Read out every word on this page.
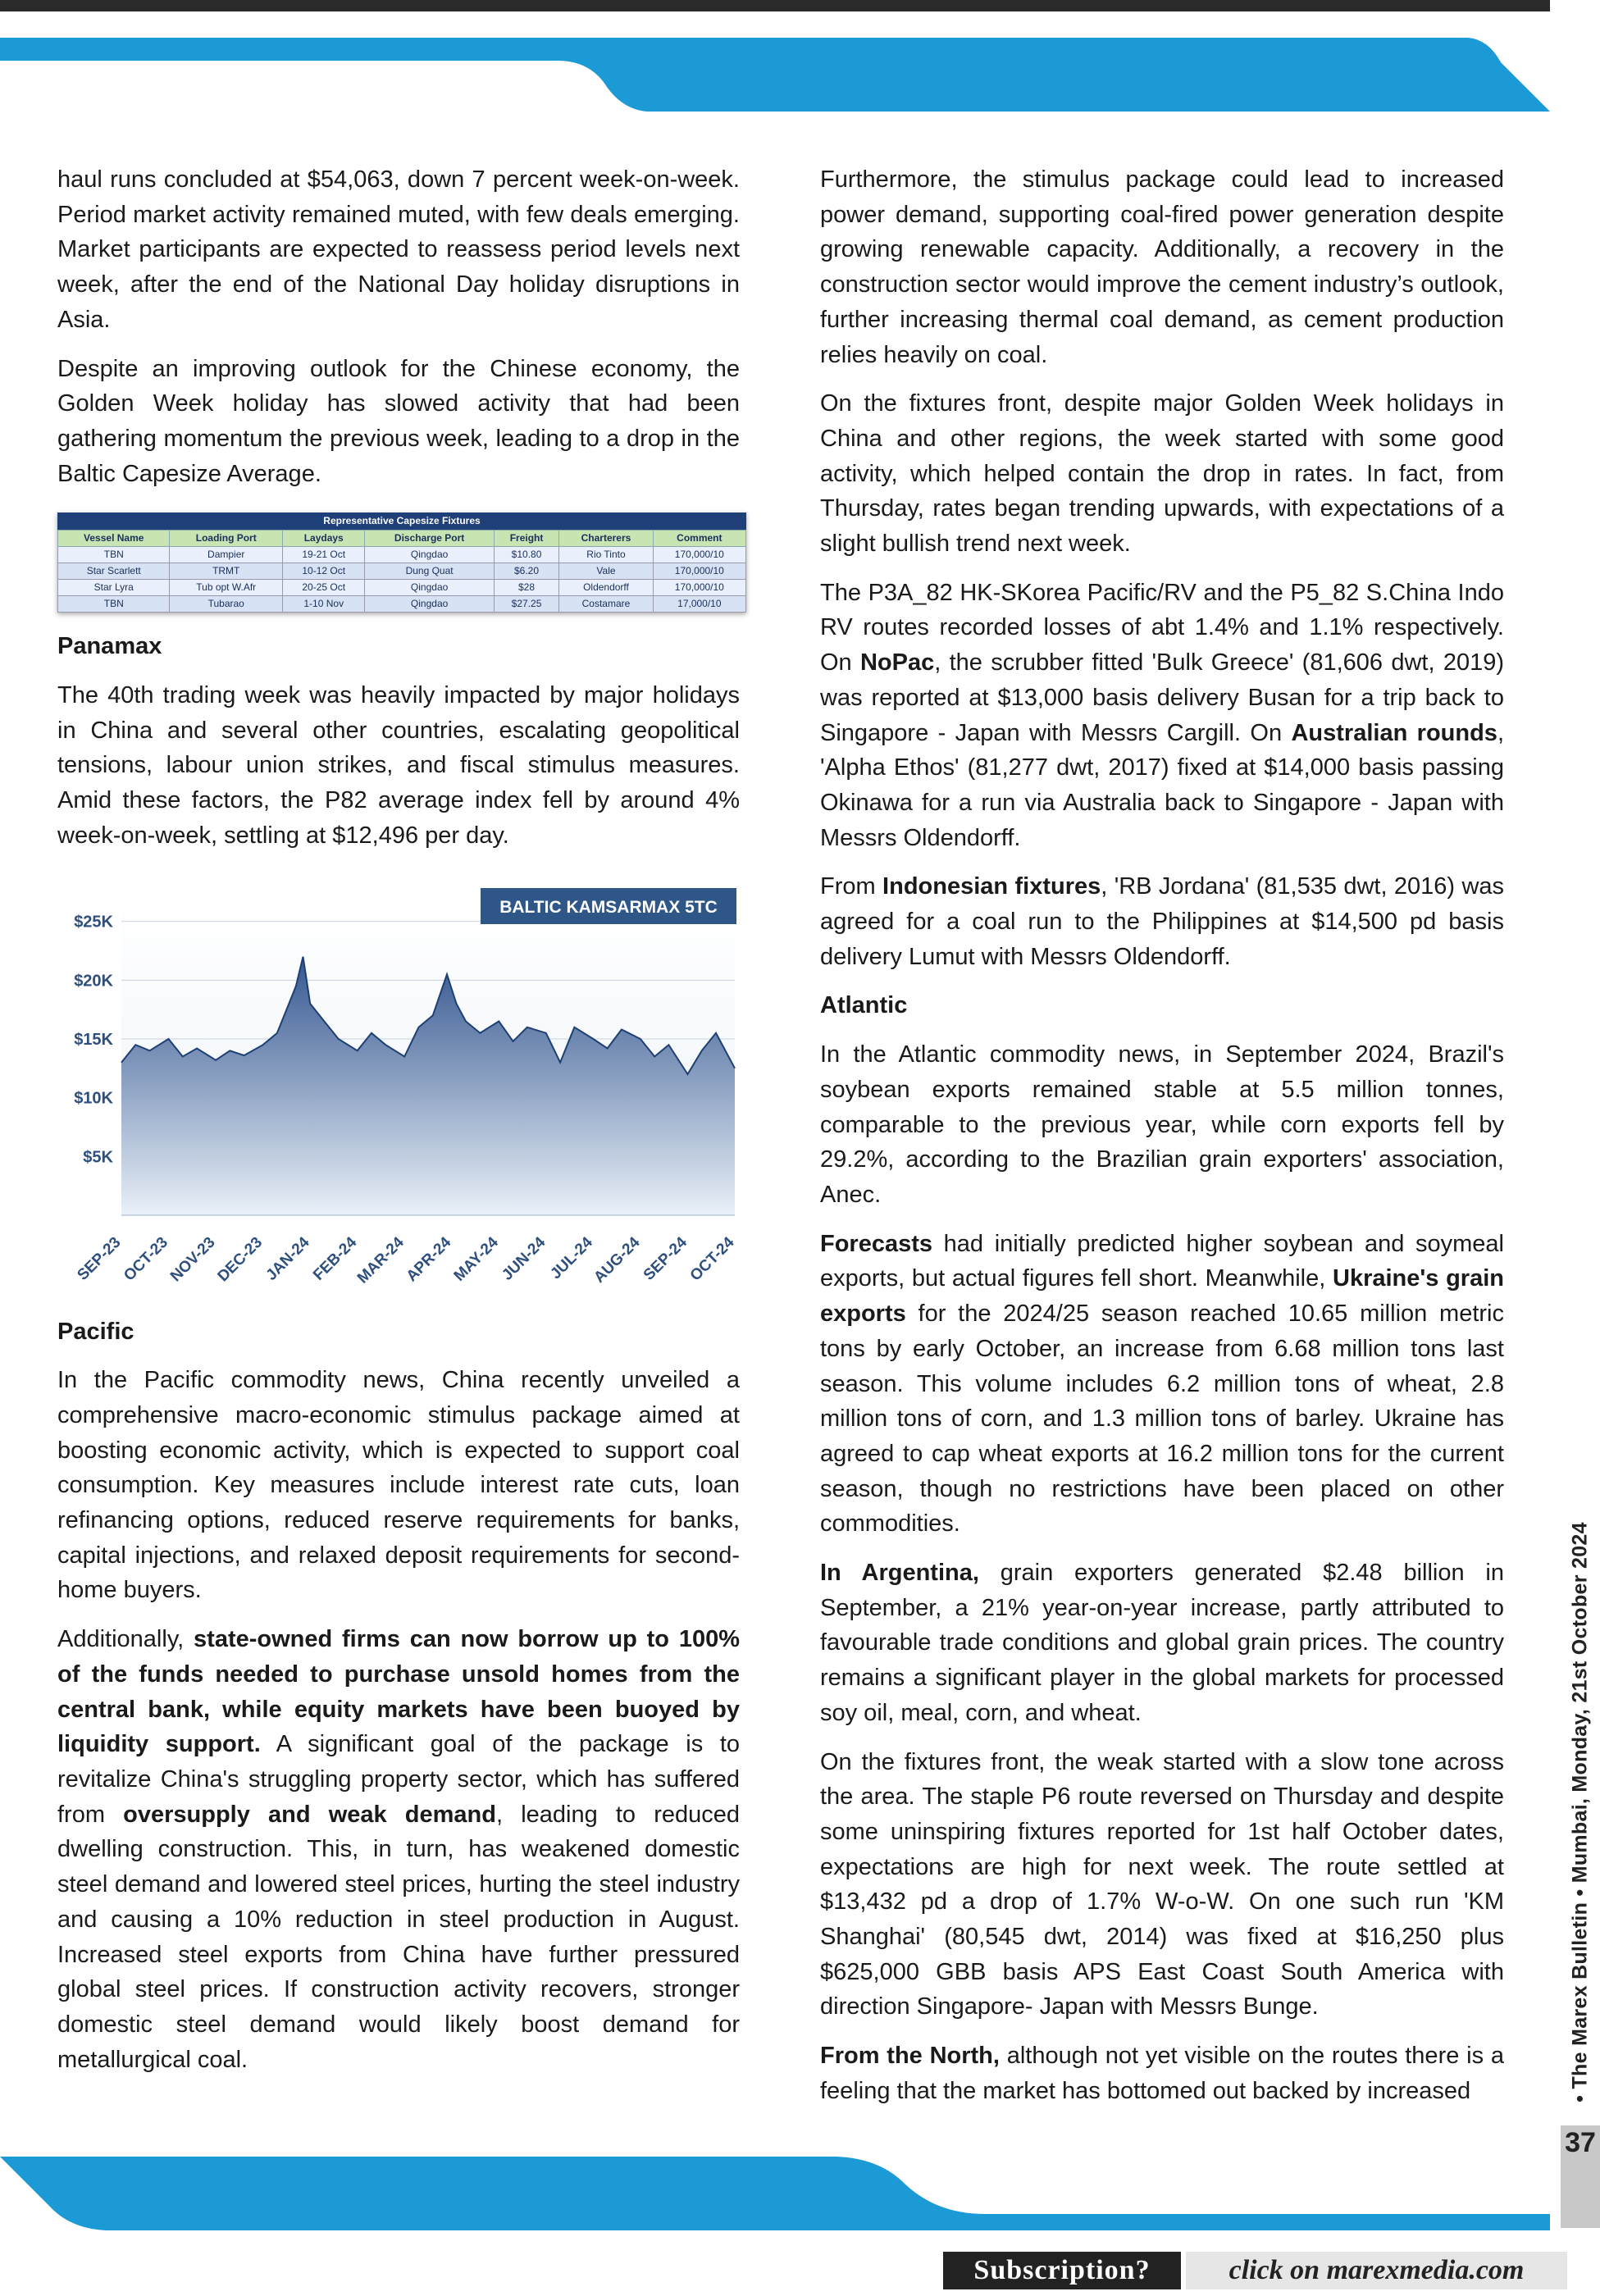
haul runs concluded at $54,063, down 7 percent week-on-week. Period market activity remained muted, with few deals emerging. Market participants are expected to reassess period levels next week, after the end of the National Day holiday disruptions in Asia.

Despite an improving outlook for the Chinese economy, the Golden Week holiday has slowed activity that had been gathering momentum the previous week, leading to a drop in the Baltic Capesize Average.

Representative Capesize Fixtures
Vessel Name	Loading Port	Laydays	Discharge Port	Freight	Charterers	Comment
TBN	Dampier	19-21 Oct	Qingdao	$10.80	Rio Tinto	170,000/10
Star Scarlett	TRMT	10-12 Oct	Dung Quat	$6.20	Vale	170,000/10
Star Lyra	Tub opt W.Afr	20-25 Oct	Qingdao	$28	Oldendorff	170,000/10
TBN	Tubarao	1-10 Nov	Qingdao	$27.25	Costamare	17,000/10
Panamax

The 40th trading week was heavily impacted by major holidays in China and several other countries, escalating geopolitical tensions, labour union strikes, and fiscal stimulus measures. Amid these factors, the P82 average index fell by around 4% week-on-week, settling at $12,496 per day.

$25K
$20K
$15K
$10K
$5K
SEP-23
OCT-23
NOV-23
DEC-23
JAN-24
FEB-24
MAR-24
APR-24
MAY-24
JUN-24
JUL-24
AUG-24
SEP-24
OCT-24
BALTIC KAMSARMAX 5TC
Pacific

In the Pacific commodity news, China recently unveiled a comprehensive macro-economic stimulus package aimed at boosting economic activity, which is expected to support coal consumption. Key measures include interest rate cuts, loan refinancing options, reduced reserve requirements for banks, capital injections, and relaxed deposit requirements for second-home buyers.

Additionally, state-owned firms can now borrow up to 100% of the funds needed to purchase unsold homes from the central bank, while equity markets have been buoyed by liquidity support. A significant goal of the package is to revitalize China's struggling property sector, which has suffered from oversupply and weak demand, leading to reduced dwelling construction. This, in turn, has weakened domestic steel demand and lowered steel prices, hurting the steel industry and causing a 10% reduction in steel production in August. Increased steel exports from China have further pressured global steel prices. If construction activity recovers, stronger domestic steel demand would likely boost demand for metallurgical coal.

Furthermore, the stimulus package could lead to increased power demand, supporting coal-fired power generation despite growing renewable capacity. Additionally, a recovery in the construction sector would improve the cement industry’s outlook, further increasing thermal coal demand, as cement production relies heavily on coal.

On the fixtures front, despite major Golden Week holidays in China and other regions, the week started with some good activity, which helped contain the drop in rates. In fact, from Thursday, rates began trending upwards, with expectations of a slight bullish trend next week.

The P3A_82 HK-SKorea Pacific/RV and the P5_82 S.China Indo RV routes recorded losses of abt 1.4% and 1.1% respectively. On NoPac, the scrubber fitted 'Bulk Greece' (81,606 dwt, 2019) was reported at $13,000 basis delivery Busan for a trip back to Singapore - Japan with Messrs Cargill. On Australian rounds, 'Alpha Ethos' (81,277 dwt, 2017) fixed at $14,000 basis passing Okinawa for a run via Australia back to Singapore - Japan with Messrs Oldendorff.

From Indonesian fixtures, 'RB Jordana' (81,535 dwt, 2016) was agreed for a coal run to the Philippines at $14,500 pd basis delivery Lumut with Messrs Oldendorff.

Atlantic

In the Atlantic commodity news, in September 2024, Brazil's soybean exports remained stable at 5.5 million tonnes, comparable to the previous year, while corn exports fell by 29.2%, according to the Brazilian grain exporters' association, Anec.

Forecasts had initially predicted higher soybean and soymeal exports, but actual figures fell short. Meanwhile, Ukraine's grain exports for the 2024/25 season reached 10.65 million metric tons by early October, an increase from 6.68 million tons last season. This volume includes 6.2 million tons of wheat, 2.8 million tons of corn, and 1.3 million tons of barley. Ukraine has agreed to cap wheat exports at 16.2 million tons for the current season, though no restrictions have been placed on other commodities.

In Argentina, grain exporters generated $2.48 billion in September, a 21% year-on-year increase, partly attributed to favourable trade conditions and global grain prices. The country remains a significant player in the global markets for processed soy oil, meal, corn, and wheat.

On the fixtures front, the weak started with a slow tone across the area. The staple P6 route reversed on Thursday and despite some uninspiring fixtures reported for 1st half October dates, expectations are high for next week. The route settled at $13,432 pd a drop of 1.7% W-o-W. On one such run 'KM Shanghai' (80,545 dwt, 2014) was fixed at $16,250 plus $625,000 GBB basis APS East Coast South America with direction Singapore- Japan with Messrs Bunge.

From the North, although not yet visible on the routes there is a feeling that the market has bottomed out backed by increased	• The Marex Bulletin • Mumbai, Monday, 21st October 2024
37
Subscription?	click on marexmedia.com
